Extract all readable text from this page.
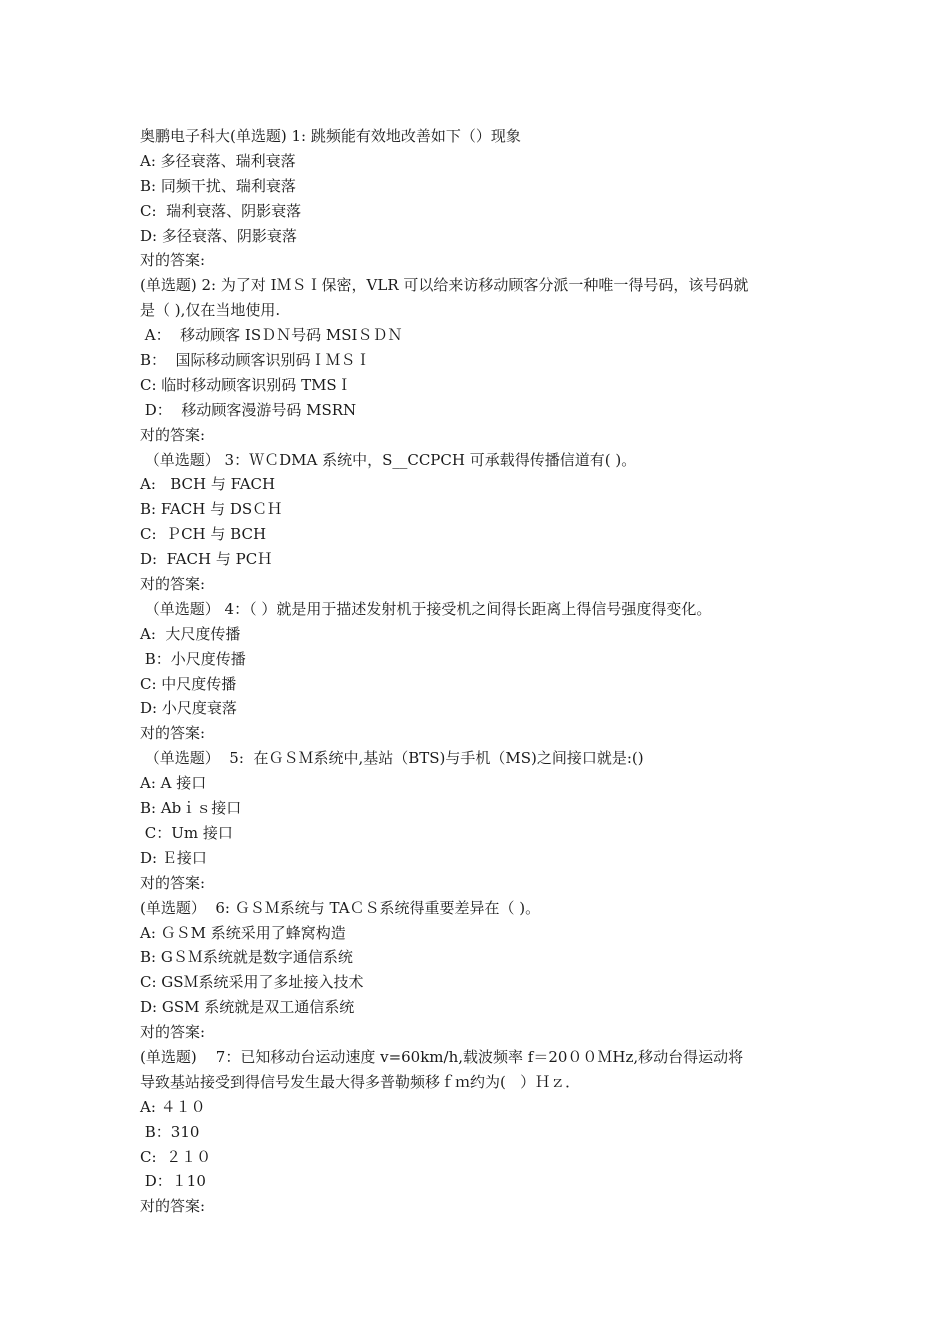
奥鹏电子科大(单选题) 1: 跳频能有效地改善如下（）现象
A: 多径衰落、瑞利衰落
B: 同频干扰、瑞利衰落
C:  瑞利衰落、阴影衰落
D: 多径衰落、阴影衰落
对的答案:
(单选题) 2: 为了对 IＭＳＩ保密，VLR 可以给来访移动顾客分派一种唯一得号码，该号码就
是（ ),仅在当地使用.
A：  移动顾客 ISＤＮ号码 MSIＳＤＮ
B：  国际移动顾客识别码ＩＭＳＩ
C: 临时移动顾客识别码 TMSＩ
D：  移动顾客漫游号码 MSRN
对的答案:
（单选题） 3：ＷＣDMA 系统中，S__CCPCH 可承载得传播信道有( )。
A:   BCH 与 FACH
B: FACH 与 DSＣＨ
C:  ＰCH 与 BCH
D:  FACH 与 PCＨ
对的答案:
（单选题） 4：（ ）就是用于描述发射机于接受机之间得长距离上得信号强度得变化。
A:  大尺度传播
B：小尺度传播
C: 中尺度传播
D: 小尺度衰落
对的答案:
（单选题）  5:  在ＧＳＭ系统中,基站（BTS)与手机（MS)之间接口就是:()
A: A 接口
B: Abｉｓ接口
C：Um 接口
D: Ｅ接口
对的答案:
(单选题）  6: ＧＳＭ系统与 TAＣＳ系统得重要差异在（ )。
A: ＧＳM 系统采用了蜂窝构造
B: GＳＭ系统就是数字通信系统
C: GSＭ系统采用了多址接入技术
D: GSM 系统就是双工通信系统
对的答案:
(单选题)    7：已知移动台运动速度 v=60km/h,载波频率 f＝20００ＭHz,移动台得运动将
导致基站接受到得信号发生最大得多普勒频移ｆｍ约为(   ）Ｈｚ．
A: ４１０
B：310
C:  ２１０
D：１10
对的答案:
